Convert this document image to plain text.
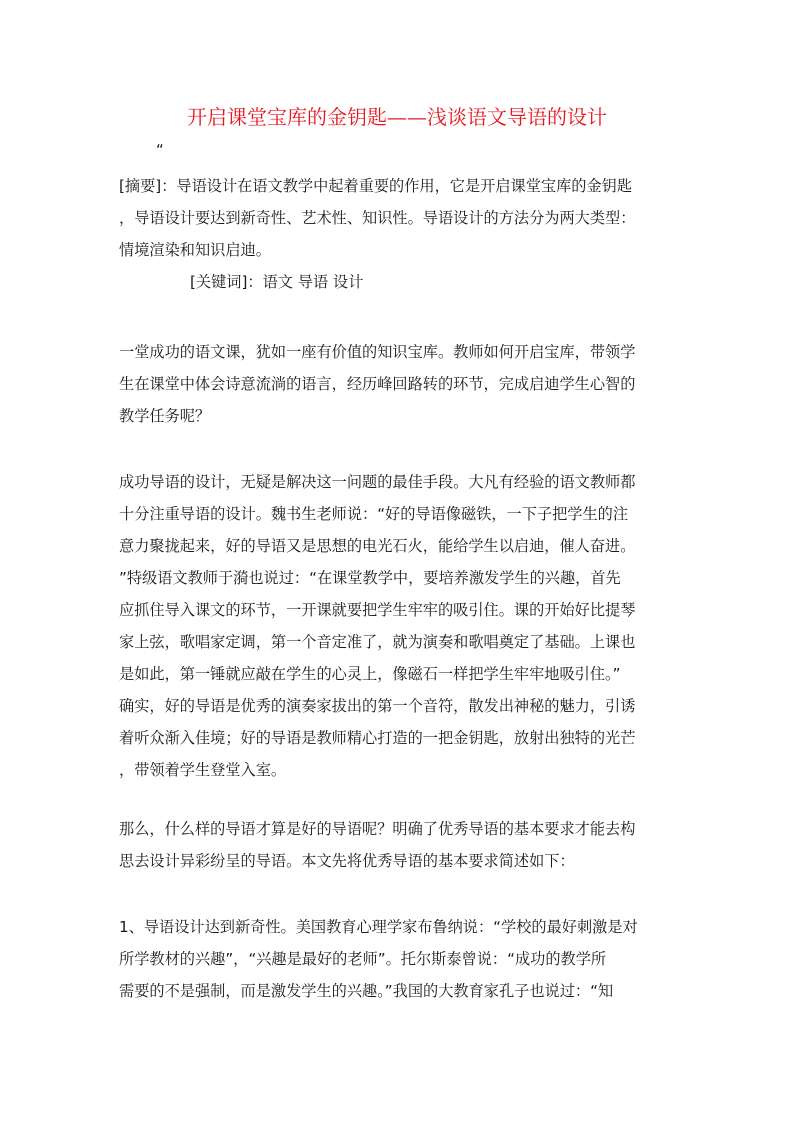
开启课堂宝库的金钥匙——浅谈语文导语的设计
“

[摘要]：导语设计在语文教学中起着重要的作用，它是开启课堂宝库的金钥匙

，导语设计要达到新奇性、艺术性、知识性。导语设计的方法分为两大类型：

情境渲染和知识启迪。

[关键词]：语文 导语 设计

一堂成功的语文课，犹如一座有价值的知识宝库。教师如何开启宝库，带领学

生在课堂中体会诗意流淌的语言，经历峰回路转的环节，完成启迪学生心智的

教学任务呢？

成功导语的设计，无疑是解决这一问题的最佳手段。大凡有经验的语文教师都

十分注重导语的设计。魏书生老师说：“好的导语像磁铁，一下子把学生的注

意力聚拢起来，好的导语又是思想的电光石火，能给学生以启迪，催人奋进。

”特级语文教师于漪也说过：“在课堂教学中，要培养激发学生的兴趣，首先

应抓住导入课文的环节，一开课就要把学生牢牢的吸引住。课的开始好比提琴

家上弦，歌唱家定调，第一个音定准了，就为演奏和歌唱奠定了基础。上课也

是如此，第一锤就应敲在学生的心灵上，像磁石一样把学生牢牢地吸引住。”

确实，好的导语是优秀的演奏家拔出的第一个音符，散发出神秘的魅力，引诱

着听众渐入佳境；好的导语是教师精心打造的一把金钥匙，放射出独特的光芒

，带领着学生登堂入室。

那么，什么样的导语才算是好的导语呢？明确了优秀导语的基本要求才能去构

思去设计异彩纷呈的导语。本文先将优秀导语的基本要求简述如下：

1、导语设计达到新奇性。美国教育心理学家布鲁纳说：“学校的最好刺激是对

所学教材的兴趣”，“兴趣是最好的老师”。托尔斯泰曾说：“成功的教学所

需要的不是强制，而是激发学生的兴趣。”我国的大教育家孔子也说过：“知
